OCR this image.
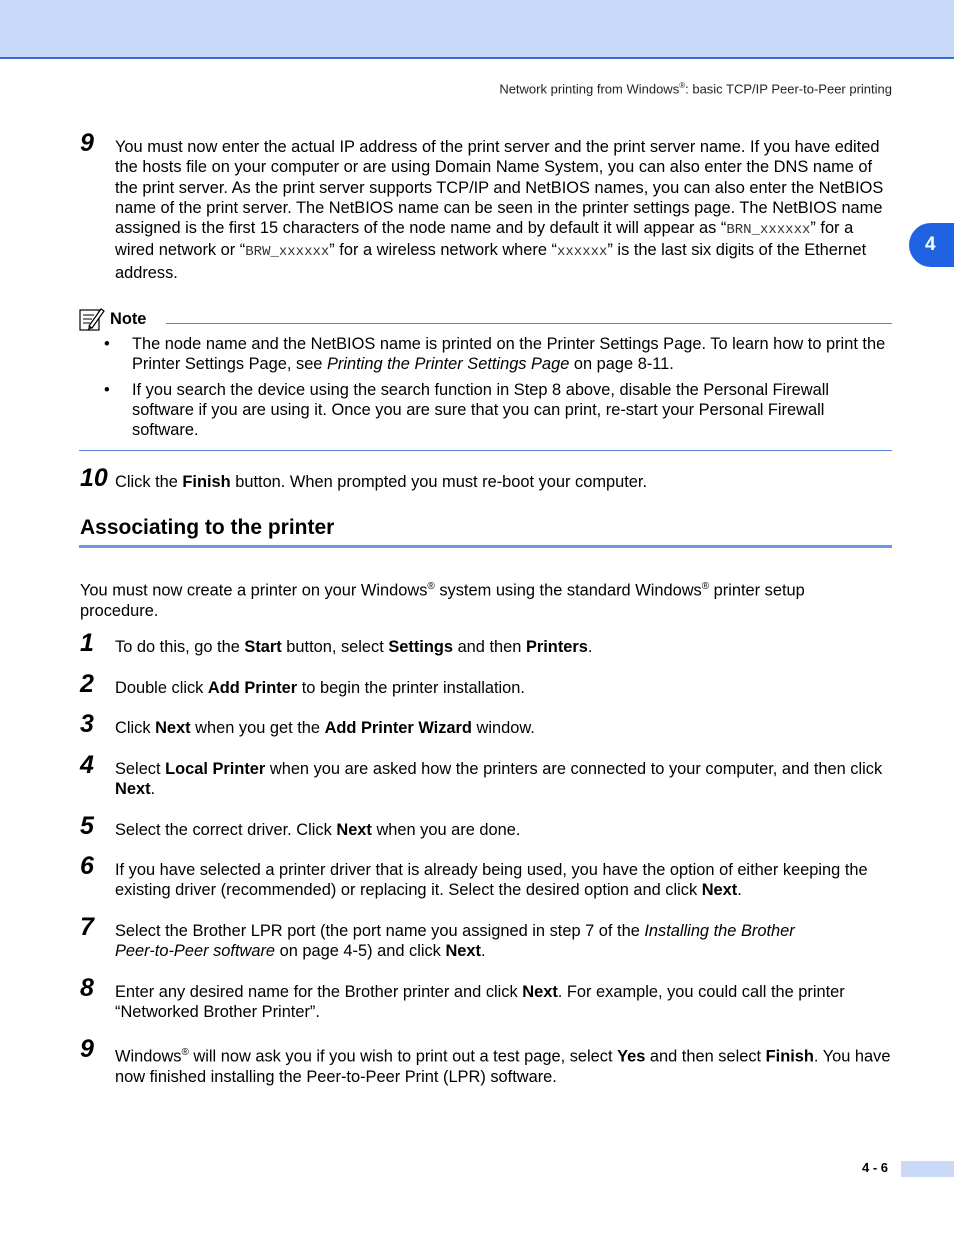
Network printing from Windows®: basic TCP/IP Peer-to-Peer printing
4
9 You must now enter the actual IP address of the print server and the print server name. If you have edited the hosts file on your computer or are using Domain Name System, you can also enter the DNS name of the print server. As the print server supports TCP/IP and NetBIOS names, you can also enter the NetBIOS name of the print server. The NetBIOS name can be seen in the printer settings page. The NetBIOS name assigned is the first 15 characters of the node name and by default it will appear as “BRN_xxxxxx” for a wired network or “BRW_xxxxxx” for a wireless network where “xxxxxx” is the last six digits of the Ethernet address.
Note
• The node name and the NetBIOS name is printed on the Printer Settings Page. To learn how to print the Printer Settings Page, see Printing the Printer Settings Page on page 8-11.
• If you search the device using the search function in Step 8 above, disable the Personal Firewall software if you are using it. Once you are sure that you can print, re-start your Personal Firewall software.
10 Click the Finish button. When prompted you must re-boot your computer.
Associating to the printer
You must now create a printer on your Windows® system using the standard Windows® printer setup procedure.
1 To do this, go the Start button, select Settings and then Printers.
2 Double click Add Printer to begin the printer installation.
3 Click Next when you get the Add Printer Wizard window.
4 Select Local Printer when you are asked how the printers are connected to your computer, and then click Next.
5 Select the correct driver. Click Next when you are done.
6 If you have selected a printer driver that is already being used, you have the option of either keeping the existing driver (recommended) or replacing it. Select the desired option and click Next.
7 Select the Brother LPR port (the port name you assigned in step 7 of the Installing the Brother Peer-to-Peer software on page 4-5) and click Next.
8 Enter any desired name for the Brother printer and click Next. For example, you could call the printer “Networked Brother Printer”.
9 Windows® will now ask you if you wish to print out a test page, select Yes and then select Finish. You have now finished installing the Peer-to-Peer Print (LPR) software.
4 - 6
